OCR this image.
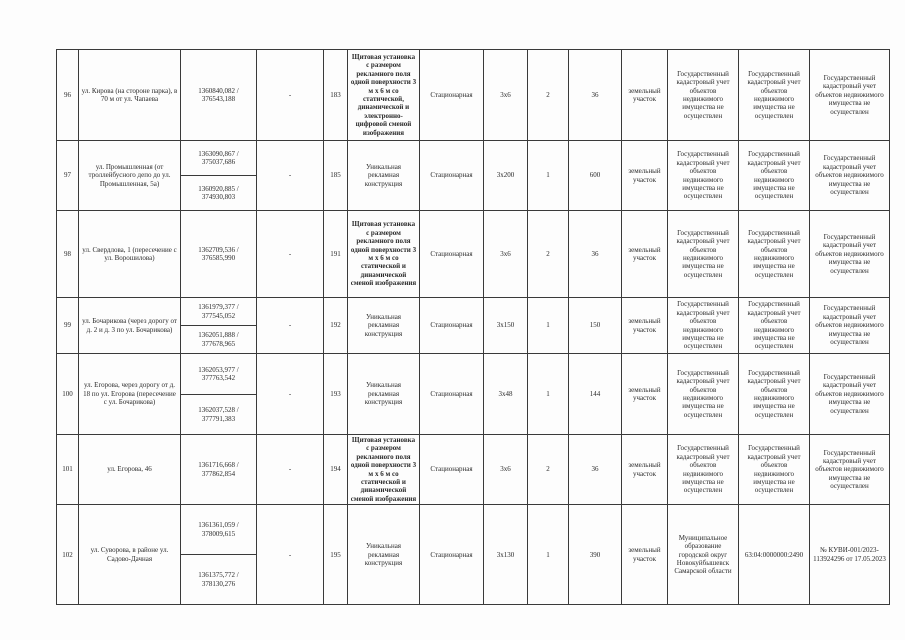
96	ул. Кирова (на стороне парка), в 70 м от ул. Чапаева	1360840,082 / 376543,188	-	183	Щитовая установка с размером рекламного поля одной поверхности 3 м х 6 м со статической, динамической и электронно-цифровой сменой изображения	Стационарная	3х6	2	36	земельный участок	Государственный кадастровый учет объектов недвижимого имущества не осуществлен	Государственный кадастровый учет объектов недвижимого имущества не осуществлен	Государственный кадастровый учет объектов недвижимого имущества не осуществлен
97	ул. Промышленная (от троллейбусного депо до ул. Промышленная, 5а)	1363090,867 / 375037,686	-	185	Уникальная рекламная конструкция	Стационарная	3х200	1	600	земельный участок	Государственный кадастровый учет объектов недвижимого имущества не осуществлен	Государственный кадастровый учет объектов недвижимого имущества не осуществлен	Государственный кадастровый учет объектов недвижимого имущества не осуществлен
		1360920,885 / 374930,803											
98	ул. Свердлова, 1 (пересечение с ул. Ворошилова)	1362709,536 / 376585,990	-	191	Щитовая установка с размером рекламного поля одной поверхности 3 м х 6 м со статической и динамической сменой изображения	Стационарная	3х6	2	36	земельный участок	Государственный кадастровый учет объектов недвижимого имущества не осуществлен	Государственный кадастровый учет объектов недвижимого имущества не осуществлен	Государственный кадастровый учет объектов недвижимого имущества не осуществлен
99	ул. Бочарикова (через дорогу от д. 2 и д. 3 по ул. Бочарикова)	1361979,377 / 377545,052	-	192	Уникальная рекламная конструкция	Стационарная	3х150	1	150	земельный участок	Государственный кадастровый учет объектов недвижимого имущества не осуществлен	Государственный кадастровый учет объектов недвижимого имущества не осуществлен	Государственный кадастровый учет объектов недвижимого имущества не осуществлен
		1362051,888 / 377678,965											
100	ул. Егорова, через дорогу от д. 18 по ул. Егорова (пересечение с ул. Бочарикова)	1362053,977 / 377763,542	-	193	Уникальная рекламная конструкция	Стационарная	3х48	1	144	земельный участок	Государственный кадастровый учет объектов недвижимого имущества не осуществлен	Государственный кадастровый учет объектов недвижимого имущества не осуществлен	Государственный кадастровый учет объектов недвижимого имущества не осуществлен
		1362037,528 / 377791,383											
101	ул. Егорова, 46	1361716,668 / 377862,854	-	194	Щитовая установка с размером рекламного поля одной поверхности 3 м х 6 м со статической и динамической сменой изображения	Стационарная	3х6	2	36	земельный участок	Государственный кадастровый учет объектов недвижимого имущества не осуществлен	Государственный кадастровый учет объектов недвижимого имущества не осуществлен	Государственный кадастровый учет объектов недвижимого имущества не осуществлен
102	ул. Суворова, в районе ул. Садово-Дачная	1361361,059 / 378009,615	-	195	Уникальная рекламная конструкция	Стационарная	3х130	1	390	земельный участок	Муниципальное образование городской округ Новокуйбышевск Самарской области	63:04:0000000:2490	№ КУВИ-001/2023-113924296 от 17.05.2023
		1361375,772 / 378130,276											
